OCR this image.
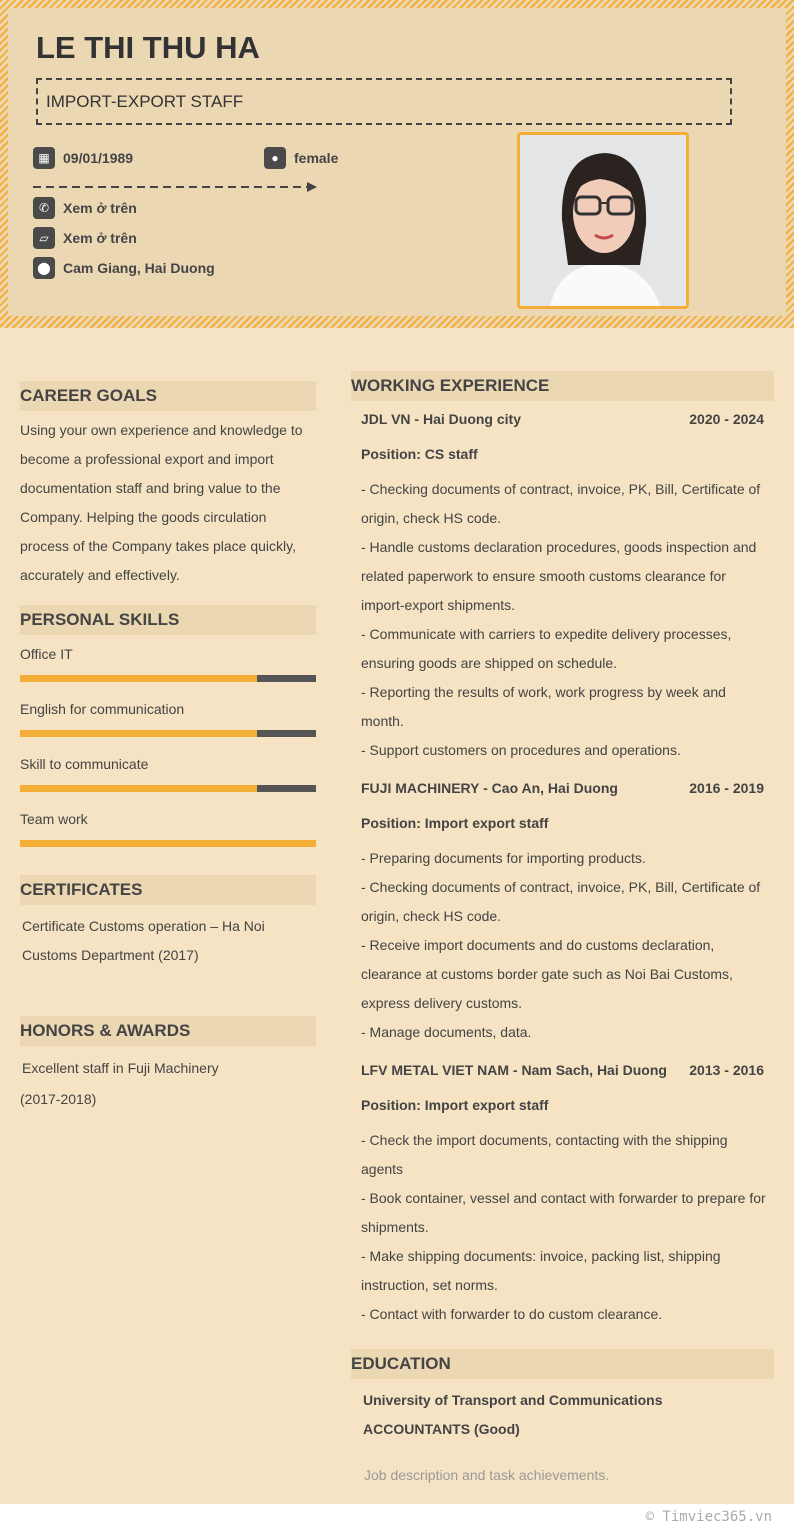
LE THI THU HA
IMPORT-EXPORT STAFF
▦ 09/01/1989	●	female
✆ Xem ở trên
▱	Xem ở trên
⬤ Cam Giang, Hai Duong
CAREER GOALS
Using your own experience and knowledge to become a professional export and import documentation staff and bring value to the Company. Helping the goods circulation process of the Company takes place quickly, accurately and effectively.
PERSONAL SKILLS
Office IT
English for communication
Skill to communicate
Team work
CERTIFICATES
Certificate Customs operation – Ha Noi Customs Department (2017)
HONORS & AWARDS
Excellent staff in Fuji Machinery (2017-2018)
WORKING EXPERIENCE
JDL VN - Hai Duong city	2020 - 2024
Position: CS staff
- Checking documents of contract, invoice, PK, Bill, Certificate of origin, check HS code.
- Handle customs declaration procedures, goods inspection and related paperwork to ensure smooth customs clearance for import-export shipments.
- Communicate with carriers to expedite delivery processes, ensuring goods are shipped on schedule.
- Reporting the results of work, work progress by week and month.
- Support customers on procedures and operations.
FUJI MACHINERY - Cao An, Hai Duong	2016 - 2019
Position: Import export staff
- Preparing documents for importing products.
- Checking documents of contract, invoice, PK, Bill, Certificate of origin, check HS code.
- Receive import documents and do customs declaration, clearance at customs border gate such as Noi Bai Customs, express delivery customs.
- Manage documents, data.
LFV METAL VIET NAM - Nam Sach, Hai Duong 2013 - 2016
Position: Import export staff
- Check the import documents, contacting with the shipping agents
- Book container, vessel and contact with forwarder to prepare for shipments.
- Make shipping documents: invoice, packing list, shipping instruction, set norms.
- Contact with forwarder to do custom clearance.
EDUCATION
University of Transport and Communications
ACCOUNTANTS (Good)
Job description and task achievements.
© Timviec365.vn
